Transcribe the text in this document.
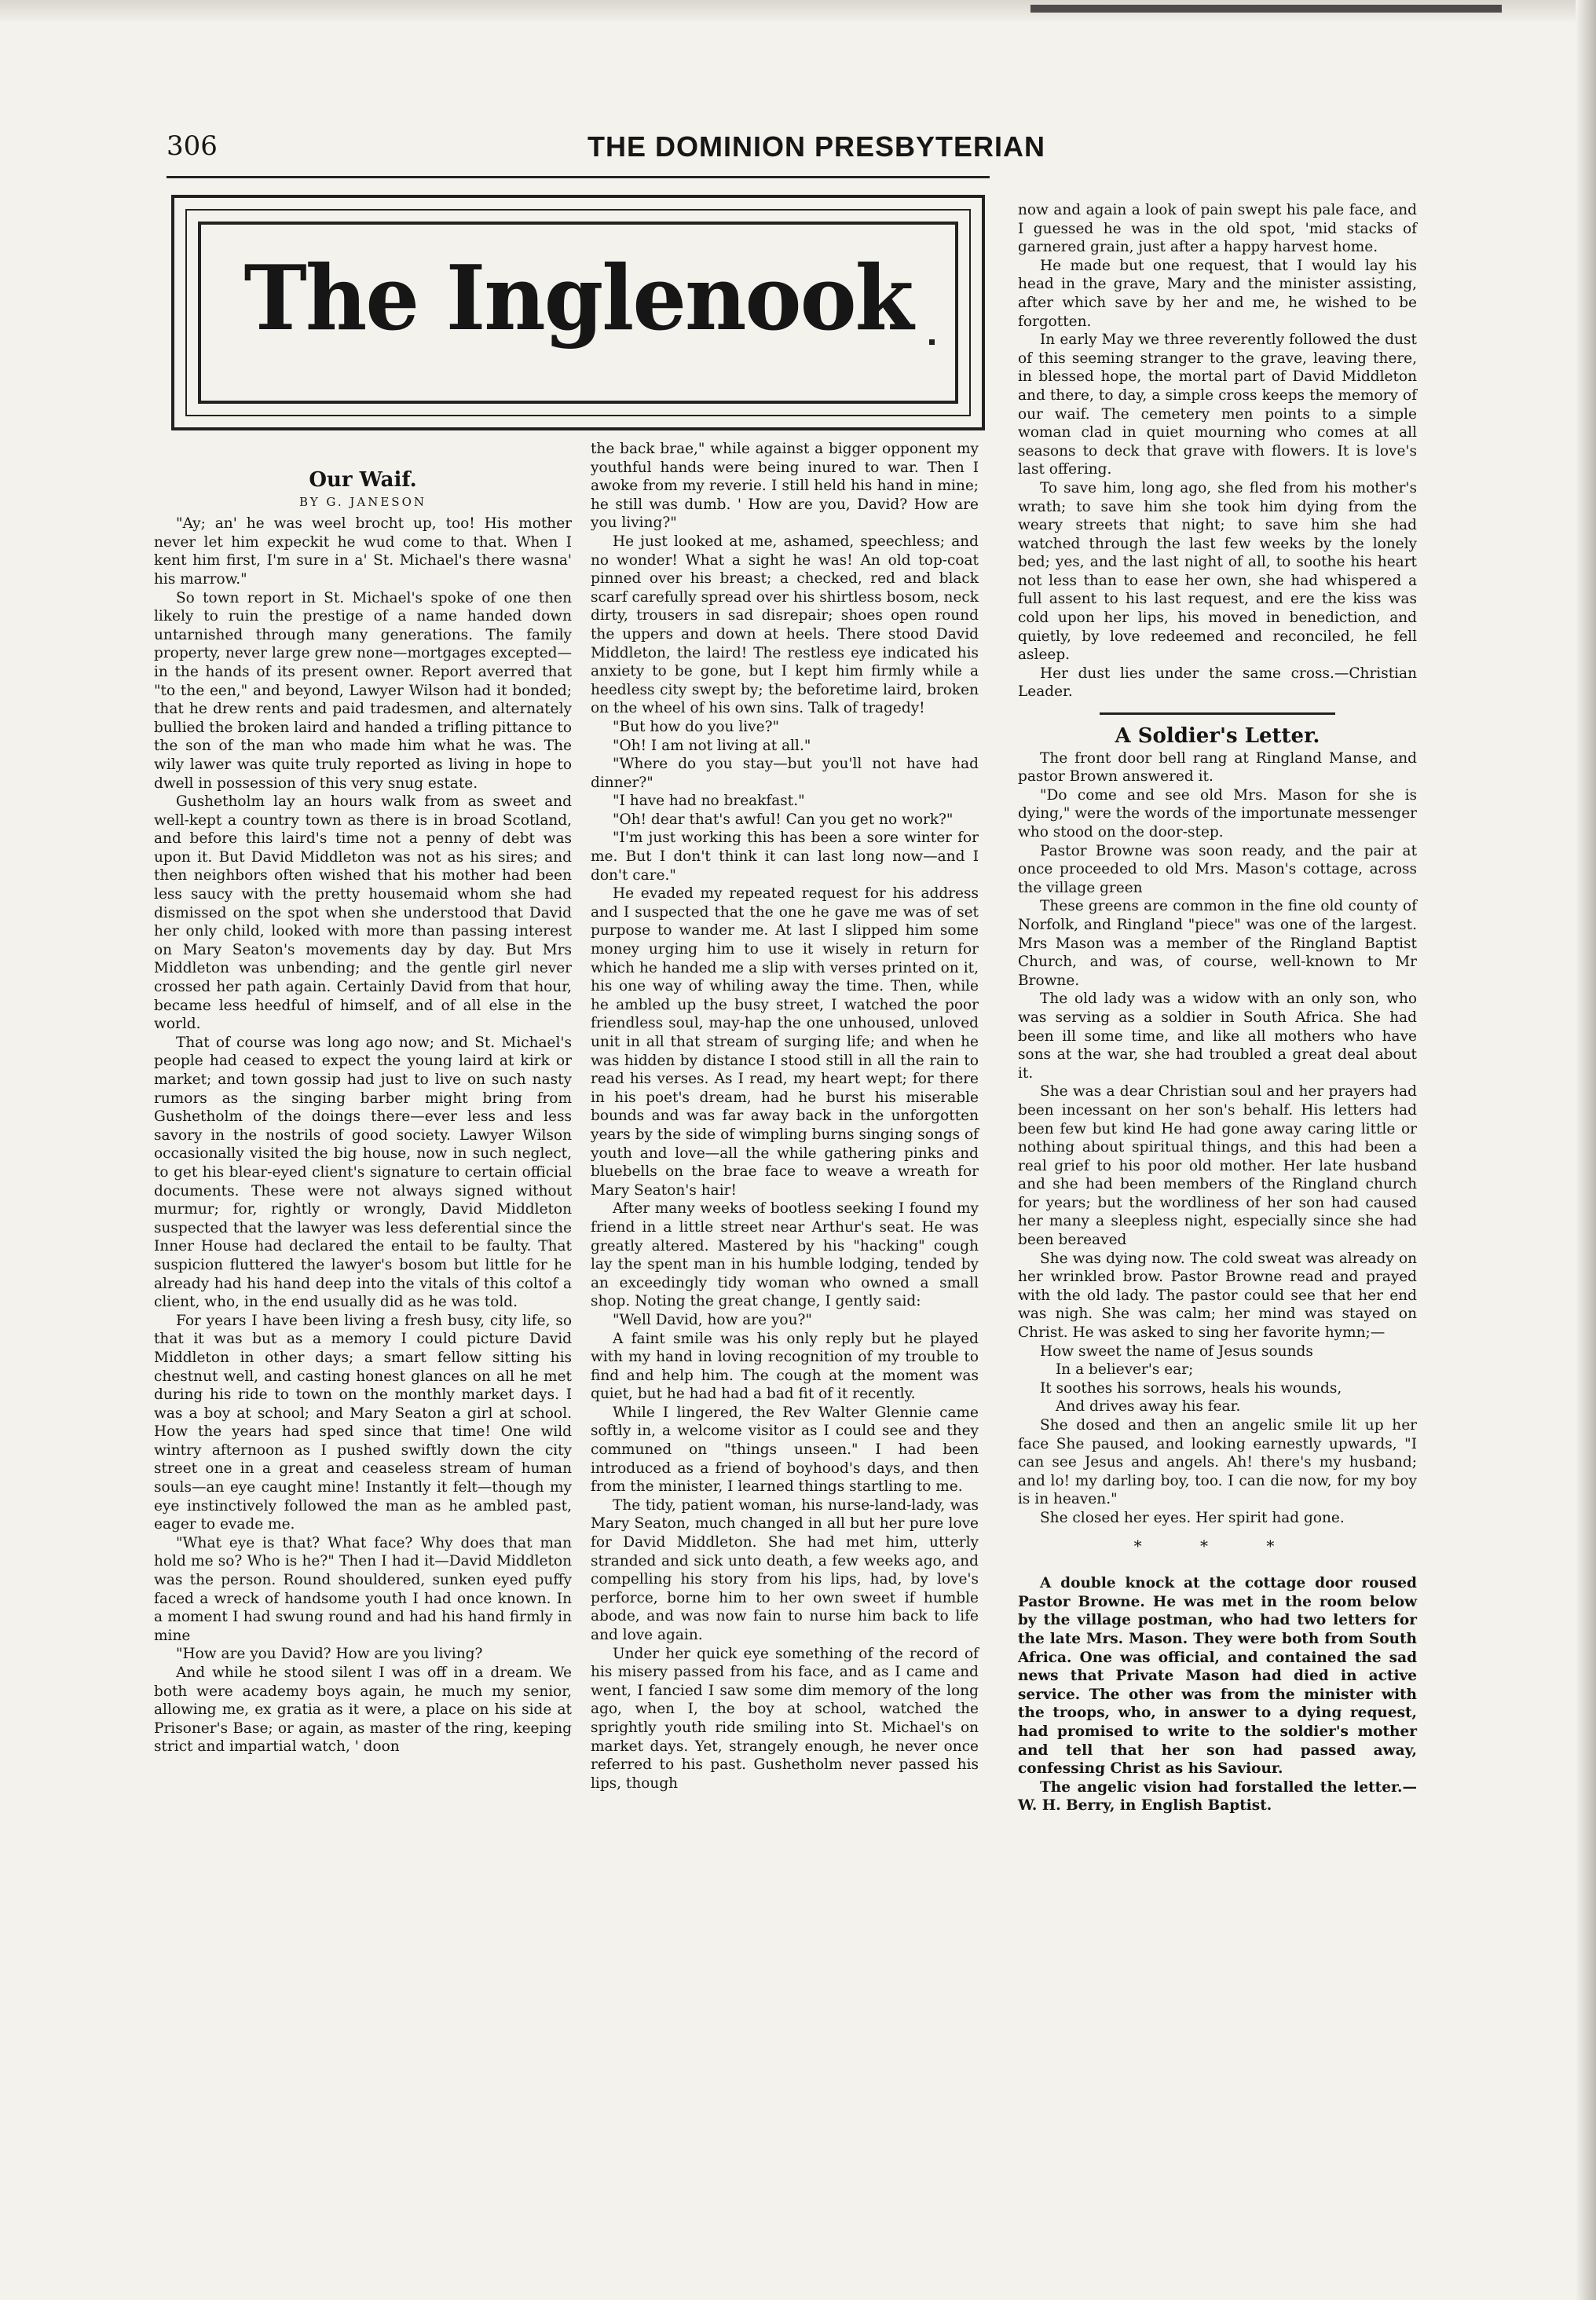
306	THE DOMINION PRESBYTERIAN
The Inglenook
Our Waif.
BY G. JANESON

"Ay; an' he was weel brocht up, too! His mother never let him expeckit he wud come to that. When I kent him first, I'm sure in a' St. Michael's there wasna' his marrow."

So town report in St. Michael's spoke of one then likely to ruin the prestige of a name handed down untarnished through many generations. The family property, never large grew none—mortgages excepted—in the hands of its present owner. Report averred that "to the een," and beyond, Lawyer Wilson had it bonded; that he drew rents and paid tradesmen, and alternately bullied the broken laird and handed a trifling pittance to the son of the man who made him what he was. The wily lawer was quite truly reported as living in hope to dwell in possession of this very snug estate.

Gushetholm lay an hours walk from as sweet and well-kept a country town as there is in broad Scotland, and before this laird's time not a penny of debt was upon it. But David Middleton was not as his sires; and then neighbors often wished that his mother had been less saucy with the pretty housemaid whom she had dismissed on the spot when she understood that David her only child, looked with more than passing interest on Mary Seaton's movements day by day. But Mrs Middleton was unbending; and the gentle girl never crossed her path again. Certainly David from that hour, became less heedful of himself, and of all else in the world.

That of course was long ago now; and St. Michael's people had ceased to expect the young laird at kirk or market; and town gossip had just to live on such nasty rumors as the singing barber might bring from Gushetholm of the doings there—ever less and less savory in the nostrils of good society. Lawyer Wilson occasionally visited the big house, now in such neglect, to get his blear-eyed client's signature to certain official documents. These were not always signed without murmur; for, rightly or wrongly, David Middleton suspected that the lawyer was less deferential since the Inner House had declared the entail to be faulty. That suspicion fluttered the lawyer's bosom but little for he already had his hand deep into the vitals of this coltof a client, who, in the end usually did as he was told.

For years I have been living a fresh busy, city life, so that it was but as a memory I could picture David Middleton in other days; a smart fellow sitting his chestnut well, and casting honest glances on all he met during his ride to town on the monthly market days. I was a boy at school; and Mary Seaton a girl at school. How the years had sped since that time! One wild wintry afternoon as I pushed swiftly down the city street one in a great and ceaseless stream of human souls—an eye caught mine! Instantly it felt—though my eye instinctively followed the man as he ambled past, eager to evade me.

"What eye is that? What face? Why does that man hold me so? Who is he?" Then I had it—David Middleton was the person. Round shouldered, sunken eyed puffy faced a wreck of handsome youth I had once known. In a moment I had swung round and had his hand firmly in mine

"How are you David? How are you living?

And while he stood silent I was off in a dream. We both were academy boys again, he much my senior, allowing me, ex gratia as it were, a place on his side at Prisoner's Base; or again, as master of the ring, keeping strict and impartial watch, ' doon

the back brae," while against a bigger opponent my youthful hands were being inured to war. Then I awoke from my reverie. I still held his hand in mine; he still was dumb. ' How are you, David? How are you living?"

He just looked at me, ashamed, speechless; and no wonder! What a sight he was! An old top-coat pinned over his breast; a checked, red and black scarf carefully spread over his shirtless bosom, neck dirty, trousers in sad disrepair; shoes open round the uppers and down at heels. There stood David Middleton, the laird! The restless eye indicated his anxiety to be gone, but I kept him firmly while a heedless city swept by; the beforetime laird, broken on the wheel of his own sins. Talk of tragedy!

"But how do you live?"

"Oh! I am not living at all."

"Where do you stay—but you'll not have had dinner?"

"I have had no breakfast."

"Oh! dear that's awful! Can you get no work?"

"I'm just working this has been a sore winter for me. But I don't think it can last long now—and I don't care."

He evaded my repeated request for his address and I suspected that the one he gave me was of set purpose to wander me. At last I slipped him some money urging him to use it wisely in return for which he handed me a slip with verses printed on it, his one way of whiling away the time. Then, while he ambled up the busy street, I watched the poor friendless soul, may-hap the one unhoused, unloved unit in all that stream of surging life; and when he was hidden by distance I stood still in all the rain to read his verses. As I read, my heart wept; for there in his poet's dream, had he burst his miserable bounds and was far away back in the unforgotten years by the side of wimpling burns singing songs of youth and love—all the while gathering pinks and bluebells on the brae face to weave a wreath for Mary Seaton's hair!

After many weeks of bootless seeking I found my friend in a little street near Arthur's seat. He was greatly altered. Mastered by his "hacking" cough lay the spent man in his humble lodging, tended by an exceedingly tidy woman who owned a small shop. Noting the great change, I gently said:

"Well David, how are you?"

A faint smile was his only reply but he played with my hand in loving recognition of my trouble to find and help him. The cough at the moment was quiet, but he had had a bad fit of it recently.

While I lingered, the Rev Walter Glennie came softly in, a welcome visitor as I could see and they communed on "things unseen." I had been introduced as a friend of boyhood's days, and then from the minister, I learned things startling to me.

The tidy, patient woman, his nurse-land-lady, was Mary Seaton, much changed in all but her pure love for David Middleton. She had met him, utterly stranded and sick unto death, a few weeks ago, and compelling his story from his lips, had, by love's perforce, borne him to her own sweet if humble abode, and was now fain to nurse him back to life and love again.

Under her quick eye something of the record of his misery passed from his face, and as I came and went, I fancied I saw some dim memory of the long ago, when I, the boy at school, watched the sprightly youth ride smiling into St. Michael's on market days. Yet, strangely enough, he never once referred to his past. Gushetholm never passed his lips, though

now and again a look of pain swept his pale face, and I guessed he was in the old spot, 'mid stacks of garnered grain, just after a happy harvest home.

He made but one request, that I would lay his head in the grave, Mary and the minister assisting, after which save by her and me, he wished to be forgotten.

In early May we three reverently followed the dust of this seeming stranger to the grave, leaving there, in blessed hope, the mortal part of David Middleton and there, to day, a simple cross keeps the memory of our waif. The cemetery men points to a simple woman clad in quiet mourning who comes at all seasons to deck that grave with flowers. It is love's last offering.

To save him, long ago, she fled from his mother's wrath; to save him she took him dying from the weary streets that night; to save him she had watched through the last few weeks by the lonely bed; yes, and the last night of all, to soothe his heart not less than to ease her own, she had whispered a full assent to his last request, and ere the kiss was cold upon her lips, his moved in benediction, and quietly, by love redeemed and reconciled, he fell asleep.

Her dust lies under the same cross.—Christian Leader.

A Soldier's Letter.

The front door bell rang at Ringland Manse, and pastor Brown answered it.

"Do come and see old Mrs. Mason for she is dying," were the words of the importunate messenger who stood on the door-step.

Pastor Browne was soon ready, and the pair at once proceeded to old Mrs. Mason's cottage, across the village green

These greens are common in the fine old county of Norfolk, and Ringland "piece" was one of the largest. Mrs Mason was a member of the Ringland Baptist Church, and was, of course, well-known to Mr Browne.

The old lady was a widow with an only son, who was serving as a soldier in South Africa. She had been ill some time, and like all mothers who have sons at the war, she had troubled a great deal about it.

She was a dear Christian soul and her prayers had been incessant on her son's behalf. His letters had been few but kind He had gone away caring little or nothing about spiritual things, and this had been a real grief to his poor old mother. Her late husband and she had been members of the Ringland church for years; but the wordliness of her son had caused her many a sleepless night, especially since she had been bereaved

She was dying now. The cold sweat was already on her wrinkled brow. Pastor Browne read and prayed with the old lady. The pastor could see that her end was nigh. She was calm; her mind was stayed on Christ. He was asked to sing her favorite hymn;—

How sweet the name of Jesus sounds
In a believer's ear;
It soothes his sorrows, heals his wounds,
And drives away his fear.

She dosed and then an angelic smile lit up her face She paused, and looking earnestly upwards, "I can see Jesus and angels. Ah! there's my husband; and lo! my darling boy, too. I can die now, for my boy is in heaven."

She closed her eyes. Her spirit had gone.

* * *

A double knock at the cottage door roused Pastor Browne. He was met in the room below by the village postman, who had two letters for the late Mrs. Mason. They were both from South Africa. One was official, and contained the sad news that Private Mason had died in active service. The other was from the minister with the troops, who, in answer to a dying request, had promised to write to the soldier's mother and tell that her son had passed away, confessing Christ as his Saviour.

The angelic vision had forstalled the letter.—W. H. Berry, in English Baptist.
